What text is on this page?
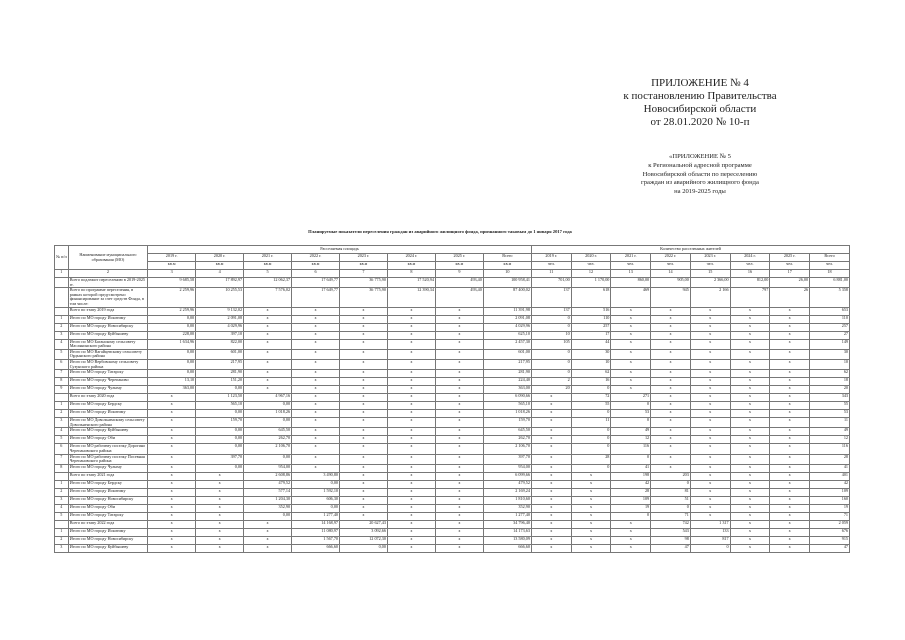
ПРИЛОЖЕНИЕ № 4
к постановлению Правительства
Новосибирской области
от 28.01.2020 № 10-п
«ПРИЛОЖЕНИЕ № 5
к Региональной адресной программе
Новосибирской области по переселению
граждан из аварийного жилищного фонда
на 2019-2025 годы
Планируемые показатели переселения граждан из аварийного жилищного фонда, признанного таковым до 1 января 2017 года
№ п/п	Наименование муниципального образования (МО)	Расселяемая площадь								Количество расселенных жителей							
		2019 г.	2020 г.	2021 г.	2022 г.	2023 г.	2024 г.	2025 г.	Всего	2019 г.	2020 г.	2021 г.	2022 г.	2023 г.	2024 г.	2025 г.	Всего
		кв.м	кв.м	кв.м	кв.м	кв.м	кв.м	кв.м	кв.м	чел.	чел.	чел.	чел.	чел.	чел.	чел.	чел.
1	2	3	4	5	6	7	8	9	10	11	12	13	14	15	16	17	18
	Всего подлежит переселению в 2019-2025 гг.	9 685,58	17 892,97	12 062,37	17 649,77	36 775,90	17 520,94	493,40	100 958,41	701,00	1 170,00	860,00	905,00	2 366,00	812,00	26,00	6 881,00
	Всего по программе переселения, в рамках которой предусмотрено финансирование за счет средств Фонда, в том числе:	2 259,96	10 255,53	7 576,02	17 649,77	36 775,90	12 390,34	493,40	87 400,02	137	618	469	945	2 166	797	26	5 358
	Всего по этапу 2019 года	2 259,96	9 132,02	x	x	x	x	x	11 391,98	137	516	x	x	x	x	x	653
1	Итого по МО городу Искитиму	0,00	2 091,08	x	x	x	x	x	2 091,08	0	110	x	x	x	x	x	110
2	Итого по МО городу Новосибирску	0,00	4 029,96	x	x	x	x	x	4 029,96	0	257	x	x	x	x	x	257
3	Итого по МО городу Куйбышеву	228,00	397,10	x	x	x	x	x	625,10	10	17	x	x	x	x	x	27
4	Итого по МО Баганскому сельсовету Маслянинского района	1 634,96	822,00	x	x	x	x	x	2 457,30	105	44	x	x	x	x	x	149
5	Итого по МО Вагайцевскому сельсовету Ордынского района	0,00	601,00	x	x	x	x	x	601,00	0	30	x	x	x	x	x	30
6	Итого по МО Вербовскому сельсовету Сузунского района	0,00	217,95	x	x	x	x	x	217,95	0	10	x	x	x	x	x	10
7	Итого по МО городу Татарску	0,00	281,90	x	x	x	x	x	281,90	0	62	x	x	x	x	x	62
8	Итого по МО городу Черепаново	13,10	151,20	x	x	x	x	x	224,40	2	16	x	x	x	x	x	18
9	Итого по МО городу Чулыму	363,00	0,00	x	x	x	x	x	363,00	20	0	x	x	x	x	x	20
	Всего по этапу 2020 года	x	1 123,50	4 967,16	x	x	x	x	6 090,66	x	72	271	x	x	x	x	343
1	Итого по МО городу Бердску	x	565,10	0,00	x	x	x	x	565,10	x	55	0	x	x	x	x	55
2	Итого по МО городу Искитиму	x	0,00	1 018,26	x	x	x	x	1 018,26	x	0	53	x	x	x	x	53
3	Итого по МО Довольненскому сельсовету Довольненского района	x	159,70	0,00	x	x	x	x	159,70	x	11	0	x	x	x	x	11
4	Итого по МО городу Куйбышеву	x	0,00	645,50	x	x	x	x	645,50	x	0	49	x	x	x	x	49
5	Итого по МО городу Оби	x	0,00	262,70	x	x	x	x	262,70	x	0	12	x	x	x	x	12
6	Итого по МО рабочему поселку Дорогино Черепановского района	x	0,00	2 106,70	x	x	x	x	2 106,70	x	0	116	x	x	x	x	116
7	Итого по МО рабочему поселку Посевная Черепановского района	x	397,70	0,00	x	x	x	x	397,70	x	28	0	x	x	x	x	28
8	Итого по МО городу Чулыму	x	0,00	954,00	x	x	x	x	954,00	x	0	41	x	x	x	x	41
	Всего по этапу 2021 года	x	x	2 608,86	3 490,80	x	x	x	6 099,66	x	x	198	203	x	x	x	401
1	Итого по МО городу Бердску	x	x	479,52	0,00	x	x	x	479,52	x	x	42	0	x	x	x	42
2	Итого по МО городу Искитиму	x	x	577,14	1 592,10	x	x	x	2 169,24	x	x	28	81	x	x	x	109
3	Итого по МО городу Новосибирску	x	x	1 204,30	606,30	x	x	x	1 810,60	x	x	109	51	x	x	x	160
4	Итого по МО городу Оби	x	x	352,90	0,00	x	x	x	352,90	x	x	19	0	x	x	x	19
5	Итого по МО городу Татарску	x	x	0,00	1 277,40	x	x	x	1 277,40	x	x	0	71	x	x	x	71
	Всего по этапу 2022 года	x	x	x	14 168,97	20 627,43	x	x	34 796,40	x	x	x	742	1 317	x	x	2 059
1	Итого по МО городу Искитиму	x	x	x	11 080,97	3 092,66	x	x	14 173,63	x	x	x	543	133	x	x	676
2	Итого по МО городу Новосибирску	x	x	x	1 567,70	12 072,30	x	x	13 580,09	x	x	x	98	817	x	x	915
3	Итого по МО городу Куйбышеву	x	x	x	666,60	0,00	x	x	666,60	x	x	x	47	0	x	x	47
